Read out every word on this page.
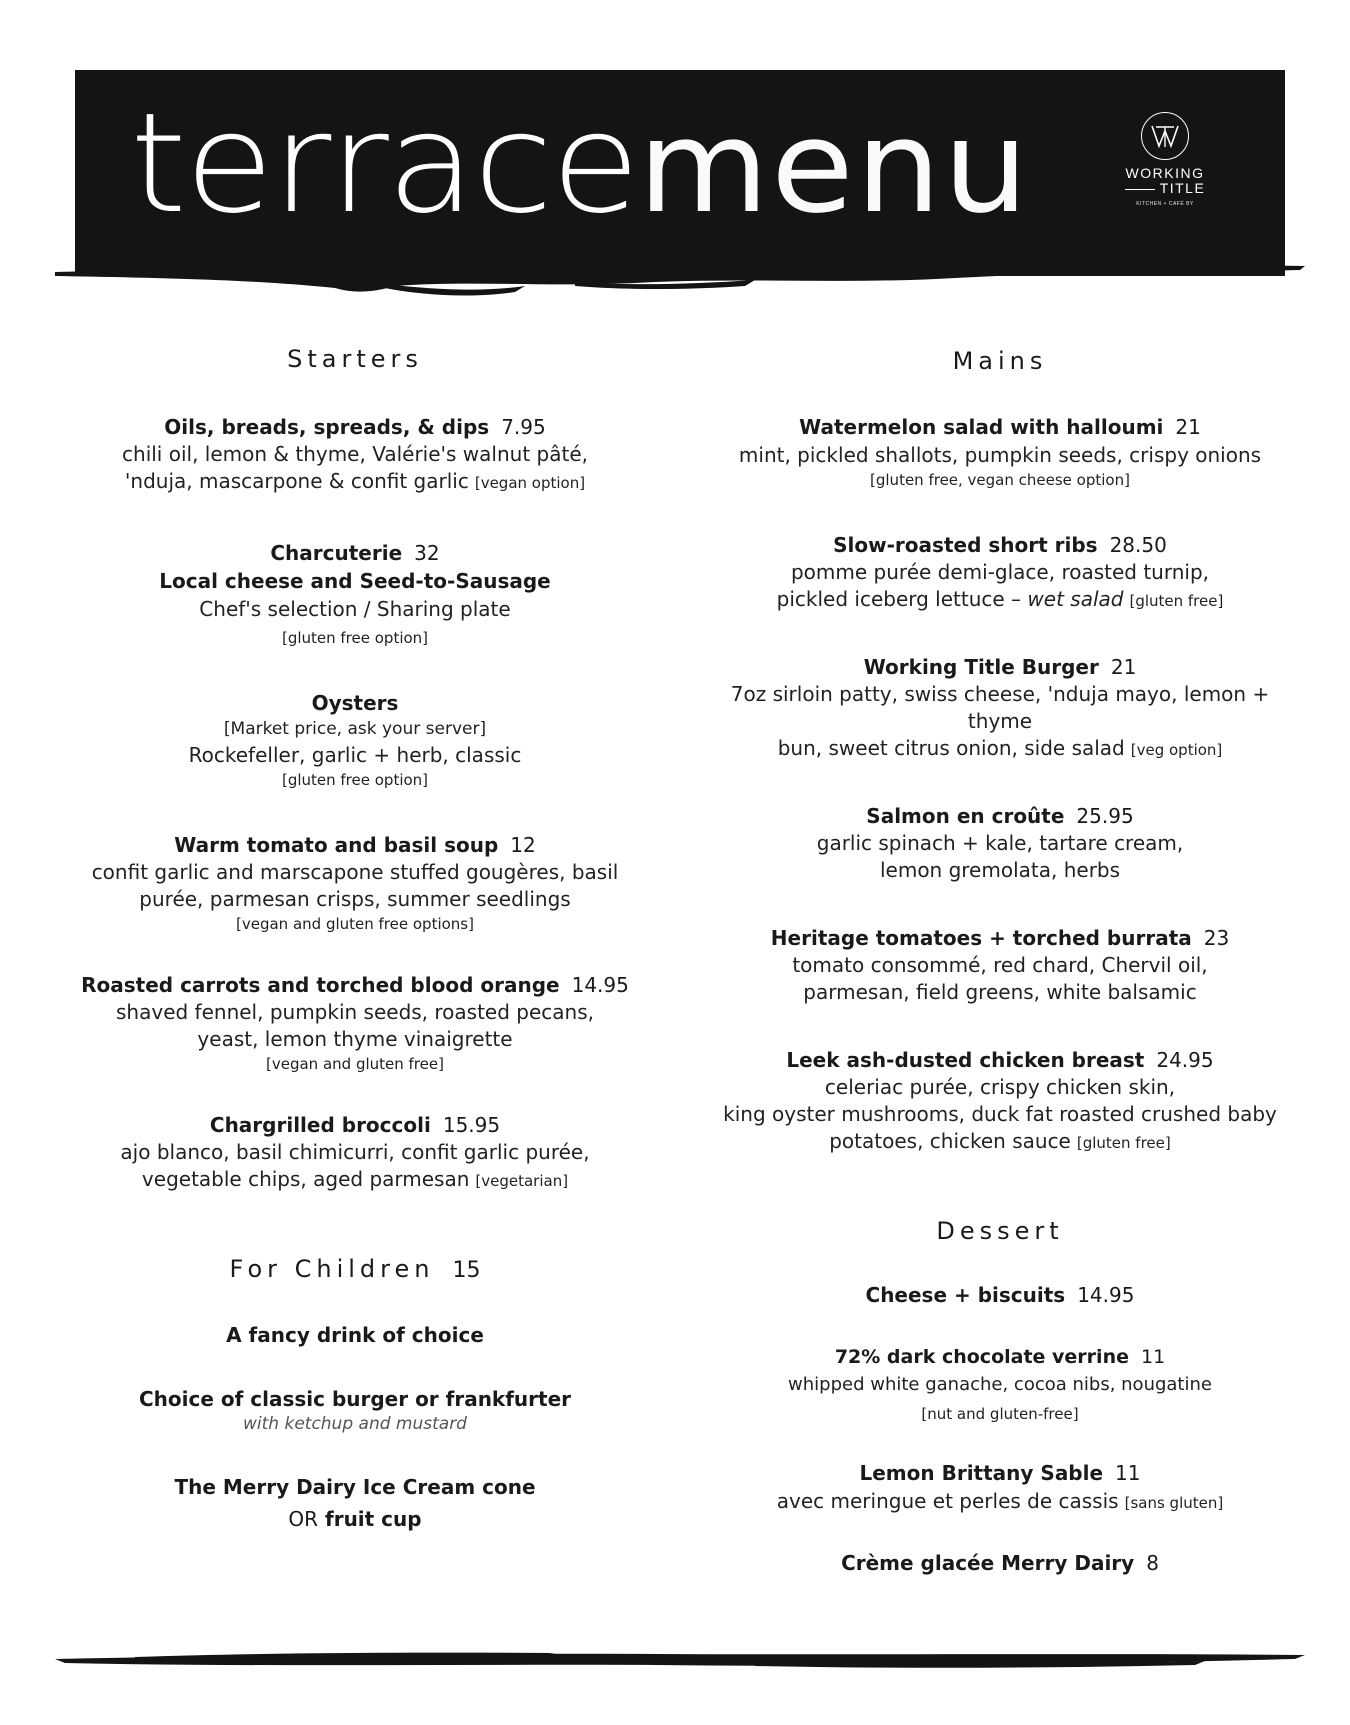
terracemenu	WORKING
TITLE
KITCHEN + CAFÉ BY
Starters
Oils, breads, spreads, & dips 7.95
chili oil, lemon & thyme, Valérie's walnut pâté,
'nduja, mascarpone & confit garlic [vegan option]
Charcuterie 32
Local cheese and Seed-to-Sausage
Chef's selection / Sharing plate
[gluten free option]
Oysters
[Market price, ask your server]
Rockefeller, garlic + herb, classic
[gluten free option]
Warm tomato and basil soup 12
confit garlic and marscapone stuffed gougères, basil
purée, parmesan crisps, summer seedlings
[vegan and gluten free options]
Roasted carrots and torched blood orange 14.95
shaved fennel, pumpkin seeds, roasted pecans,
yeast, lemon thyme vinaigrette
[vegan and gluten free]
Chargrilled broccoli 15.95
ajo blanco, basil chimicurri, confit garlic purée,
vegetable chips, aged parmesan [vegetarian]
For Children 15
A fancy drink of choice
Choice of classic burger or frankfurter
with ketchup and mustard
The Merry Dairy Ice Cream cone
OR fruit cup
Mains
Watermelon salad with halloumi 21
mint, pickled shallots, pumpkin seeds, crispy onions
[gluten free, vegan cheese option]
Slow-roasted short ribs 28.50
pomme purée demi-glace, roasted turnip,
pickled iceberg lettuce – wet salad [gluten free]
Working Title Burger 21
7oz sirloin patty, swiss cheese, 'nduja mayo, lemon + thyme
bun, sweet citrus onion, side salad [veg option]
Salmon en croûte 25.95
garlic spinach + kale, tartare cream,
lemon gremolata, herbs
Heritage tomatoes + torched burrata 23
tomato consommé, red chard, Chervil oil,
parmesan, field greens, white balsamic
Leek ash-dusted chicken breast 24.95
celeriac purée, crispy chicken skin,
king oyster mushrooms, duck fat roasted crushed baby
potatoes, chicken sauce [gluten free]
Dessert
Cheese + biscuits 14.95
72% dark chocolate verrine 11
whipped white ganache, cocoa nibs, nougatine
[nut and gluten-free]
Lemon Brittany Sable 11
avec meringue et perles de cassis [sans gluten]
Crème glacée Merry Dairy 8
